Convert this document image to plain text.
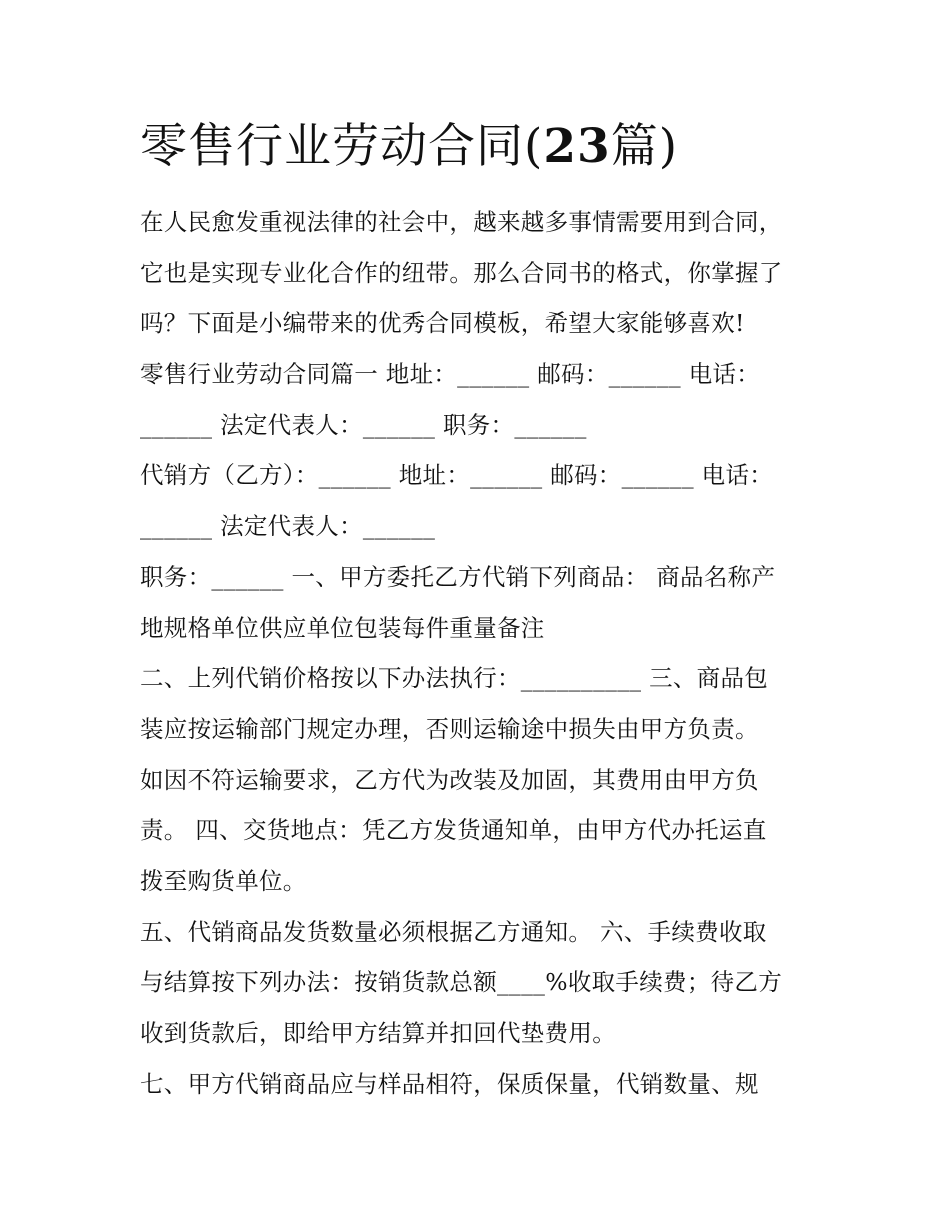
零售行业劳动合同(23篇)

在人民愈发重视法律的社会中，越来越多事情需要用到合同，

它也是实现专业化合作的纽带。那么合同书的格式，你掌握了

吗？下面是小编带来的优秀合同模板，希望大家能够喜欢!

零售行业劳动合同篇一 地址：______ 邮码：______ 电话：

______ 法定代表人：______ 职务：______

代销方（乙方）：______ 地址：______ 邮码：______ 电话：

______ 法定代表人：______

职务：______ 一、甲方委托乙方代销下列商品： 商品名称产

地规格单位供应单位包装每件重量备注

二、上列代销价格按以下办法执行：__________ 三、商品包

装应按运输部门规定办理，否则运输途中损失由甲方负责。

如因不符运输要求，乙方代为改装及加固，其费用由甲方负

责。 四、交货地点：凭乙方发货通知单，由甲方代办托运直

拨至购货单位。

五、代销商品发货数量必须根据乙方通知。 六、手续费收取

与结算按下列办法：按销货款总额____%收取手续费；待乙方

收到货款后，即给甲方结算并扣回代垫费用。

七、甲方代销商品应与样品相符，保质保量，代销数量、规
